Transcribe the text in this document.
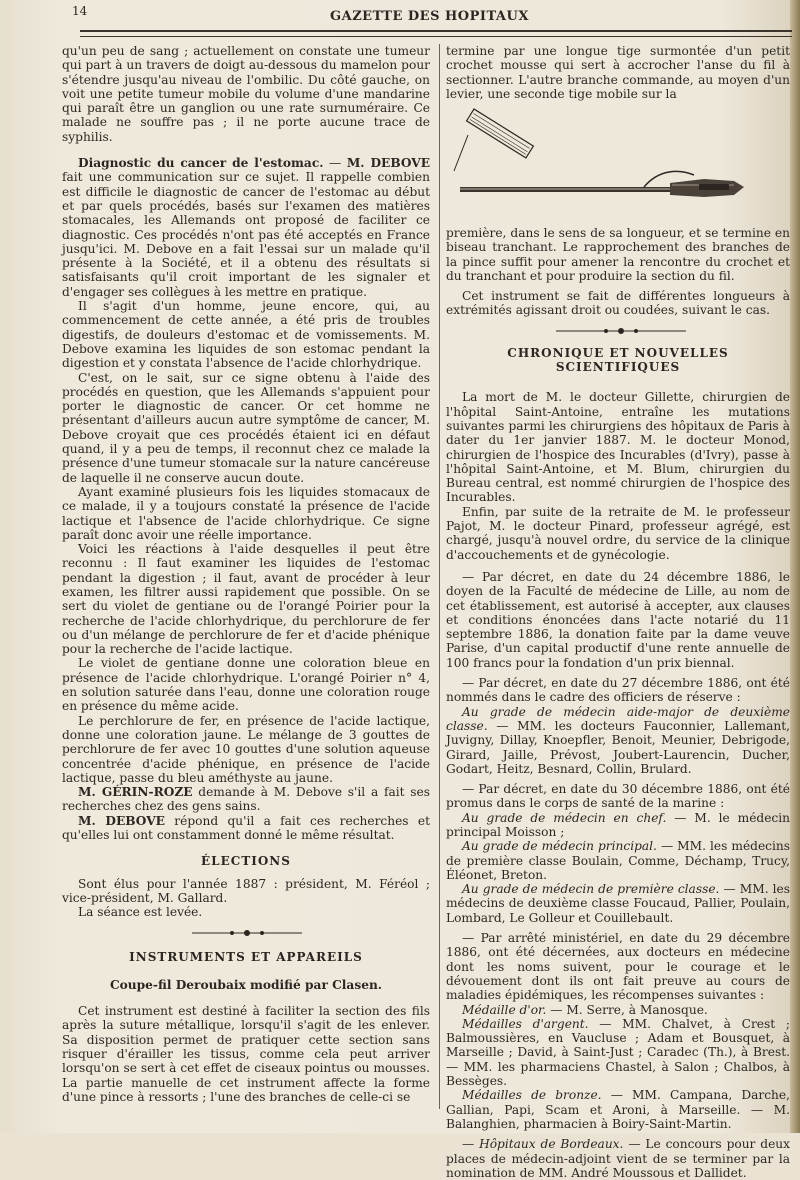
14	GAZETTE DES HOPITAUX

qu'un peu de sang ; actuellement on constate une tumeur qui part à un travers de doigt au-dessous du mamelon pour s'étendre jusqu'au niveau de l'ombilic. Du côté gauche, on voit une petite tumeur mobile du volume d'une mandarine qui paraît être un ganglion ou une rate surnuméraire. Ce malade ne souffre pas ; il ne porte aucune trace de syphilis.

Diagnostic du cancer de l'estomac. — M. DEBOVE fait une communication sur ce sujet. Il rappelle combien est difficile le diagnostic de cancer de l'estomac au début et par quels procédés, basés sur l'examen des matières stomacales, les Allemands ont proposé de faciliter ce diagnostic. Ces procédés n'ont pas été acceptés en France jusqu'ici. M. Debove en a fait l'essai sur un malade qu'il présente à la Société, et il a obtenu des résultats si satisfaisants qu'il croit important de les signaler et d'engager ses collègues à les mettre en pratique.

Il s'agit d'un homme, jeune encore, qui, au commencement de cette année, a été pris de troubles digestifs, de douleurs d'estomac et de vomissements. M. Debove examina les liquides de son estomac pendant la digestion et y constata l'absence de l'acide chlorhydrique.

C'est, on le sait, sur ce signe obtenu à l'aide des procédés en question, que les Allemands s'appuient pour porter le diagnostic de cancer. Or cet homme ne présentant d'ailleurs aucun autre symptôme de cancer, M. Debove croyait que ces procédés étaient ici en défaut quand, il y a peu de temps, il reconnut chez ce malade la présence d'une tumeur stomacale sur la nature cancéreuse de laquelle il ne conserve aucun doute.

Ayant examiné plusieurs fois les liquides stomacaux de ce malade, il y a toujours constaté la présence de l'acide lactique et l'absence de l'acide chlorhydrique. Ce signe paraît donc avoir une réelle importance.

Voici les réactions à l'aide desquelles il peut être reconnu : Il faut examiner les liquides de l'estomac pendant la digestion ; il faut, avant de procéder à leur examen, les filtrer aussi rapidement que possible. On se sert du violet de gentiane ou de l'orangé Poirier pour la recherche de l'acide chlorhydrique, du perchlorure de fer ou d'un mélange de perchlorure de fer et d'acide phénique pour la recherche de l'acide lactique.

Le violet de gentiane donne une coloration bleue en présence de l'acide chlorhydrique. L'orangé Poirier n° 4, en solution saturée dans l'eau, donne une coloration rouge en présence du même acide.

Le perchlorure de fer, en présence de l'acide lactique, donne une coloration jaune. Le mélange de 3 gouttes de perchlorure de fer avec 10 gouttes d'une solution aqueuse concentrée d'acide phénique, en présence de l'acide lactique, passe du bleu améthyste au jaune.

M. GÉRIN-ROZE demande à M. Debove s'il a fait ses recherches chez des gens sains.

M. DEBOVE répond qu'il a fait ces recherches et qu'elles lui ont constamment donné le même résultat.

ÉLECTIONS

Sont élus pour l'année 1887 : président, M. Féréol ; vice-président, M. Gallard.

La séance est levée.

INSTRUMENTS ET APPAREILS

Coupe-fil Deroubaix modifié par Clasen.

Cet instrument est destiné à faciliter la section des fils après la suture métallique, lorsqu'il s'agit de les enlever. Sa disposition permet de pratiquer cette section sans risquer d'érailler les tissus, comme cela peut arriver lorsqu'on se sert à cet effet de ciseaux pointus ou mousses. La partie manuelle de cet instrument affecte la forme d'une pince à ressorts ; l'une des branches de celle-ci se

termine par une longue tige surmontée d'un petit crochet mousse qui sert à accrocher l'anse du fil à sectionner. L'autre branche commande, au moyen d'un levier, une seconde tige mobile sur la

première, dans le sens de sa longueur, et se termine en biseau tranchant. Le rapprochement des branches de la pince suffit pour amener la rencontre du crochet et du tranchant et pour produire la section du fil.

Cet instrument se fait de différentes longueurs à extrémités agissant droit ou coudées, suivant le cas.

CHRONIQUE ET NOUVELLES SCIENTIFIQUES

La mort de M. le docteur Gillette, chirurgien de l'hôpital Saint-Antoine, entraîne les mutations suivantes parmi les chirurgiens des hôpitaux de Paris à dater du 1er janvier 1887. M. le docteur Monod, chirurgien de l'hospice des Incurables (d'Ivry), passe à l'hôpital Saint-Antoine, et M. Blum, chirurgien du Bureau central, est nommé chirurgien de l'hospice des Incurables.

Enfin, par suite de la retraite de M. le professeur Pajot, M. le docteur Pinard, professeur agrégé, est chargé, jusqu'à nouvel ordre, du service de la clinique d'accouchements et de gynécologie.

— Par décret, en date du 24 décembre 1886, le doyen de la Faculté de médecine de Lille, au nom de cet établissement, est autorisé à accepter, aux clauses et conditions énoncées dans l'acte notarié du 11 septembre 1886, la donation faite par la dame veuve Parise, d'un capital productif d'une rente annuelle de 100 francs pour la fondation d'un prix biennal.

— Par décret, en date du 27 décembre 1886, ont été nommés dans le cadre des officiers de réserve :

Au grade de médecin aide-major de deuxième classe. — MM. les docteurs Fauconnier, Lallemant, Juvigny, Dillay, Knoepfler, Benoit, Meunier, Debrigode, Girard, Jaille, Prévost, Joubert-Laurencin, Ducher, Godart, Heitz, Besnard, Collin, Brulard.

— Par décret, en date du 30 décembre 1886, ont été promus dans le corps de santé de la marine :

Au grade de médecin en chef. — M. le médecin principal Moisson ;

Au grade de médecin principal. — MM. les médecins de première classe Boulain, Comme, Déchamp, Trucy, Éléonet, Breton.

Au grade de médecin de première classe. — MM. les médecins de deuxième classe Foucaud, Pallier, Poulain, Lombard, Le Golleur et Couillebault.

— Par arrêté ministériel, en date du 29 décembre 1886, ont été décernées, aux docteurs en médecine dont les noms suivent, pour le courage et le dévouement dont ils ont fait preuve au cours de maladies épidémiques, les récompenses suivantes :

Médaille d'or. — M. Serre, à Manosque.

Médailles d'argent. — MM. Chalvet, à Crest ; Balmoussières, en Vaucluse ; Adam et Bousquet, à Marseille ; David, à Saint-Just ; Caradec (Th.), à Brest. — MM. les pharmaciens Chastel, à Salon ; Chalbos, à Bessèges.

Médailles de bronze. — MM. Campana, Darche, Gallian, Papi, Scam et Aroni, à Marseille. — M. Balanghien, pharmacien à Boiry-Saint-Martin.

— Hôpitaux de Bordeaux. — Le concours pour deux places de médecin-adjoint vient de se terminer par la nomination de MM. André Moussous et Dallidet.
